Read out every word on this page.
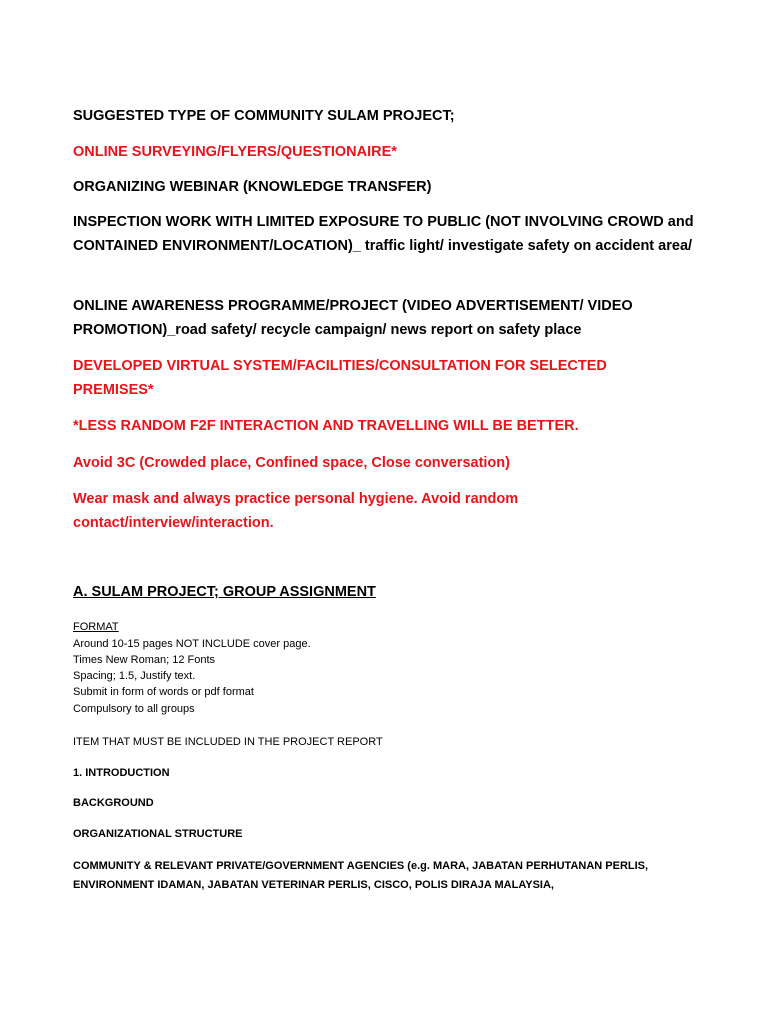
SUGGESTED TYPE OF COMMUNITY SULAM PROJECT;
ONLINE SURVEYING/FLYERS/QUESTIONAIRE*
ORGANIZING WEBINAR (KNOWLEDGE TRANSFER)
INSPECTION WORK WITH LIMITED EXPOSURE TO PUBLIC (NOT INVOLVING CROWD and CONTAINED ENVIRONMENT/LOCATION)_ traffic light/ investigate safety on accident area/
ONLINE AWARENESS PROGRAMME/PROJECT (VIDEO ADVERTISEMENT/ VIDEO PROMOTION)_road safety/ recycle campaign/ news report on safety place
DEVELOPED VIRTUAL SYSTEM/FACILITIES/CONSULTATION FOR SELECTED PREMISES*
*LESS RANDOM F2F INTERACTION AND TRAVELLING WILL BE BETTER.
Avoid 3C (Crowded place, Confined space, Close conversation)
Wear mask and always practice personal hygiene. Avoid random contact/interview/interaction.
A. SULAM PROJECT; GROUP ASSIGNMENT
FORMAT
Around 10-15 pages NOT INCLUDE cover page.
Times New Roman; 12 Fonts
Spacing; 1.5, Justify text.
Submit in form of words or pdf format
Compulsory to all groups
ITEM THAT MUST BE INCLUDED IN THE PROJECT REPORT
1. INTRODUCTION
BACKGROUND
ORGANIZATIONAL STRUCTURE
COMMUNITY & RELEVANT PRIVATE/GOVERNMENT AGENCIES (e.g. MARA, JABATAN PERHUTANAN PERLIS, ENVIRONMENT IDAMAN, JABATAN VETERINAR PERLIS, CISCO, POLIS DIRAJA MALAYSIA,
